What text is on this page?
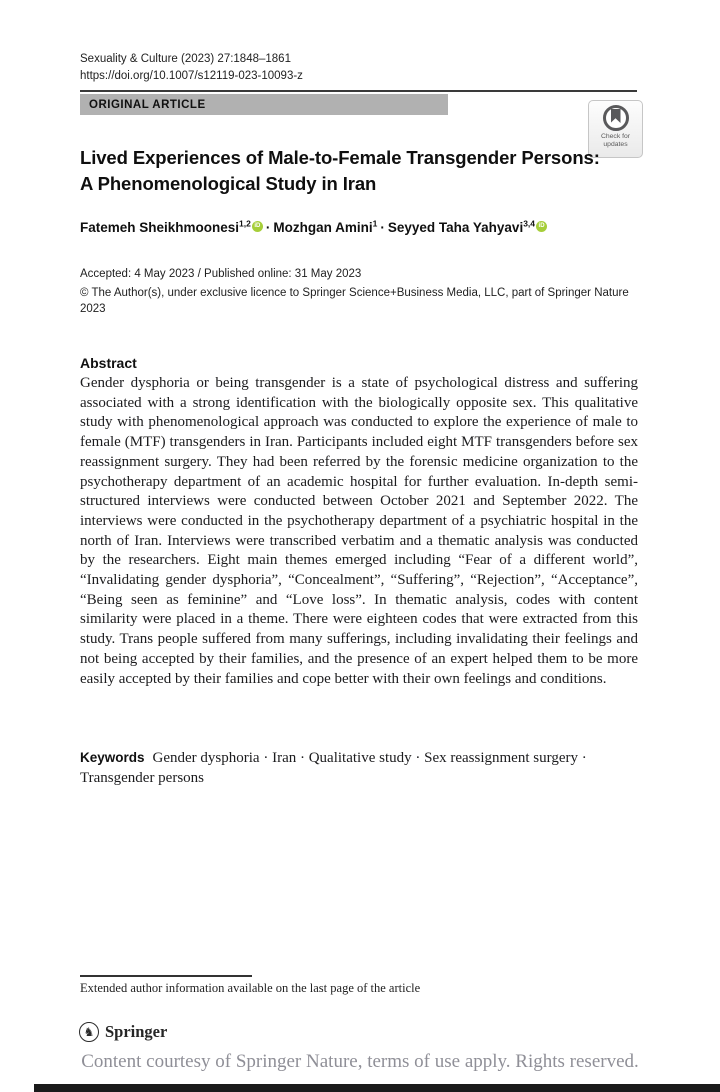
Sexuality & Culture (2023) 27:1848–1861
https://doi.org/10.1007/s12119-023-10093-z
ORIGINAL ARTICLE
Check for
updates
Lived Experiences of Male-to-Female Transgender Persons:
A Phenomenological Study in Iran
Fatemeh Sheikhmoonesi$^{1,2}$ iD · Mozhgan Amini$^1$ · Seyyed Taha Yahyavi$^{3,4}$ iD
Accepted: 4 May 2023 / Published online: 31 May 2023
© The Author(s), under exclusive licence to Springer Science+Business Media, LLC, part of Springer Nature 2023
Abstract
Gender dysphoria or being transgender is a state of psychological distress and suffering associated with a strong identification with the biologically opposite sex. This qualitative study with phenomenological approach was conducted to explore the experience of male to female (MTF) transgenders in Iran. Participants included eight MTF transgenders before sex reassignment surgery. They had been referred by the forensic medicine organization to the psychotherapy department of an academic hospital for further evaluation. In-depth semi-structured interviews were conducted between October 2021 and September 2022. The interviews were conducted in the psychotherapy department of a psychiatric hospital in the north of Iran. Interviews were transcribed verbatim and a thematic analysis was conducted by the researchers. Eight main themes emerged including “Fear of a different world”, “Invalidating gender dysphoria”, “Concealment”, “Suffering”, “Rejection”, “Acceptance”, “Being seen as feminine” and “Love loss”. In thematic analysis, codes with content similarity were placed in a theme. There were eighteen codes that were extracted from this study. Trans people suffered from many sufferings, including invalidating their feelings and not being accepted by their families, and the presence of an expert helped them to be more easily accepted by their families and cope better with their own feelings and conditions.
Keywords Gender dysphoria · Iran · Qualitative study · Sex reassignment surgery · Transgender persons
Extended author information available on the last page of the article
♞ Springer
Content courtesy of Springer Nature, terms of use apply. Rights reserved.
